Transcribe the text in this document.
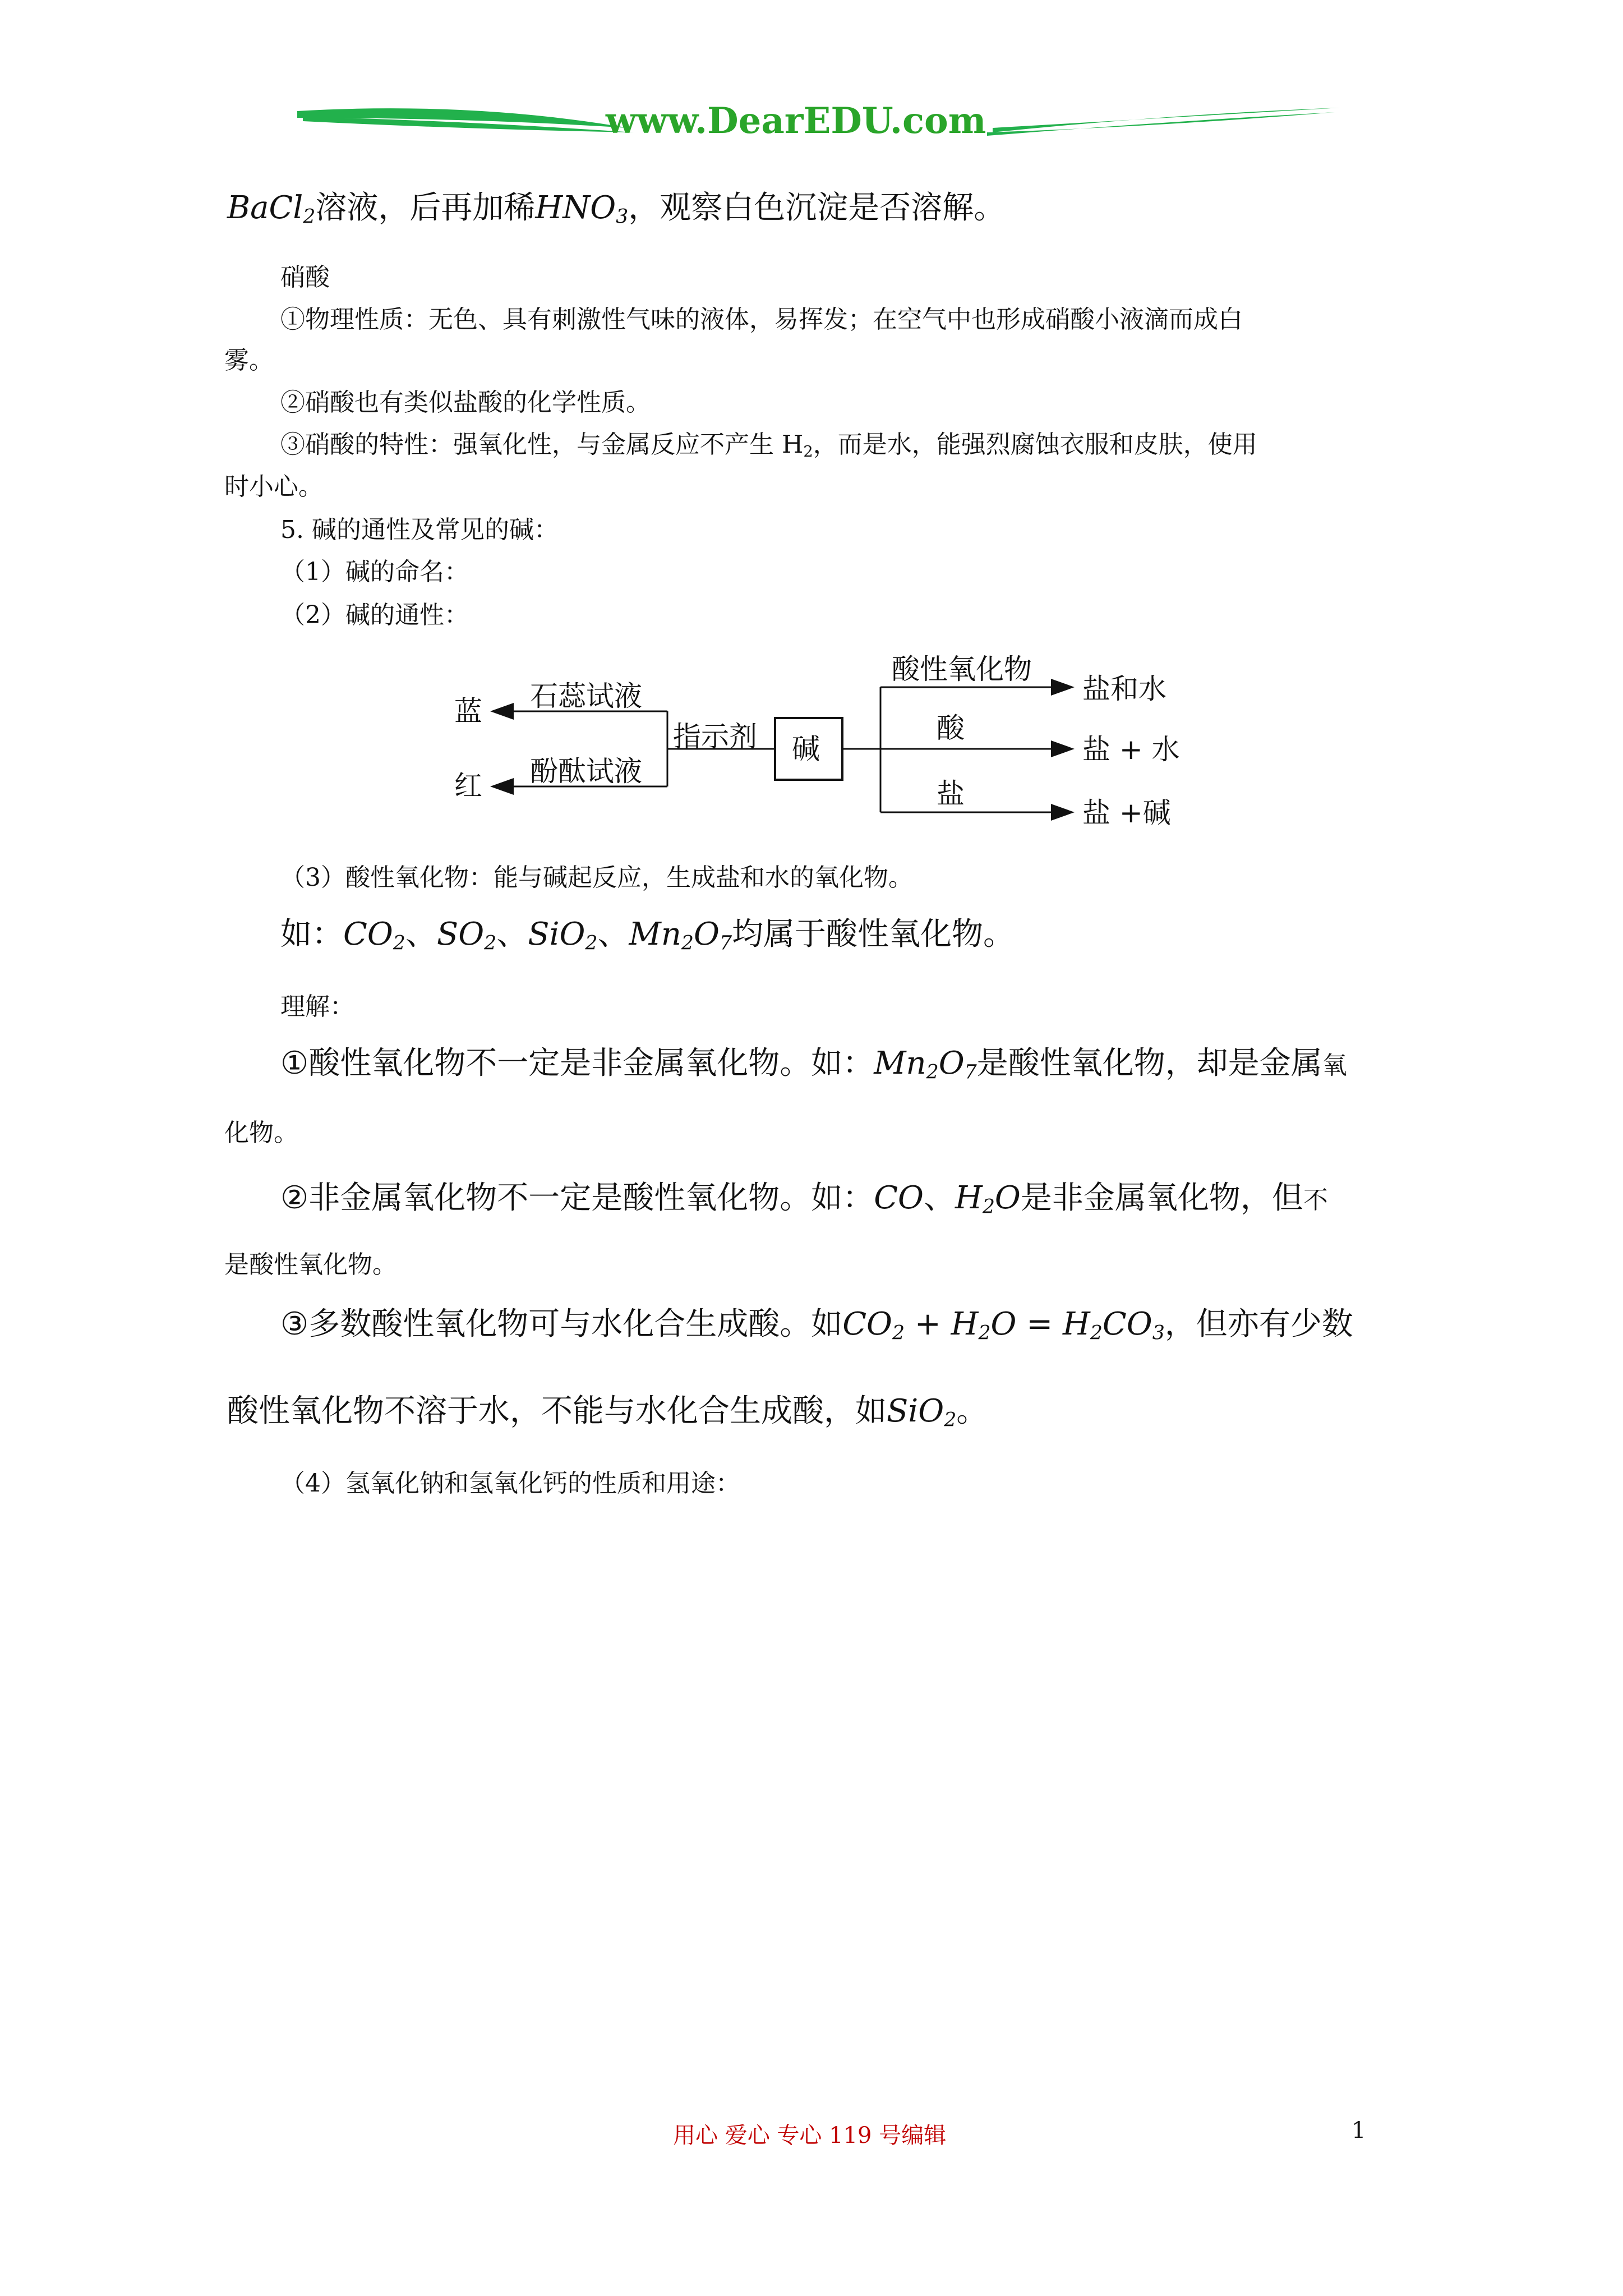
www.DearEDU.com
BaCl$_2$溶液，后再加稀$HNO_3$，观察白色沉淀是否溶解。
硝酸
①物理性质：无色、具有刺激性气味的液体，易挥发；在空气中也形成硝酸小液滴而成白
雾。
②硝酸也有类似盐酸的化学性质。
③硝酸的特性：强氧化性，与金属反应不产生 $H_2$，而是水，能强烈腐蚀衣服和皮肤，使用
时小心。
5. 碱的通性及常见的碱：
（1）碱的命名：
（2）碱的通性：
碱
指示剂
石蕊试液
酚酞试液
蓝
红
酸性氧化物
酸
盐
盐和水
盐 + 水
盐 +碱
（3）酸性氧化物：能与碱起反应，生成盐和水的氧化物。
如：$CO_2$、$SO_2$、SiO$_2$、$Mn_2O_7$均属于酸性氧化物。
理解：
①酸性氧化物不一定是非金属氧化物。如：$Mn_2O_7$是酸性氧化物，却是金属氧
化物。
②非金属氧化物不一定是酸性氧化物。如：CO、$H_2O$是非金属氧化物，但不
是酸性氧化物。
③多数酸性氧化物可与水化合生成酸。如$CO_2 + H_2O = H_2CO_3$，但亦有少数
酸性氧化物不溶于水，不能与水化合生成酸，如SiO$_2$。
（4）氢氧化钠和氢氧化钙的性质和用途：
用心 爱心 专心 119 号编辑	1
